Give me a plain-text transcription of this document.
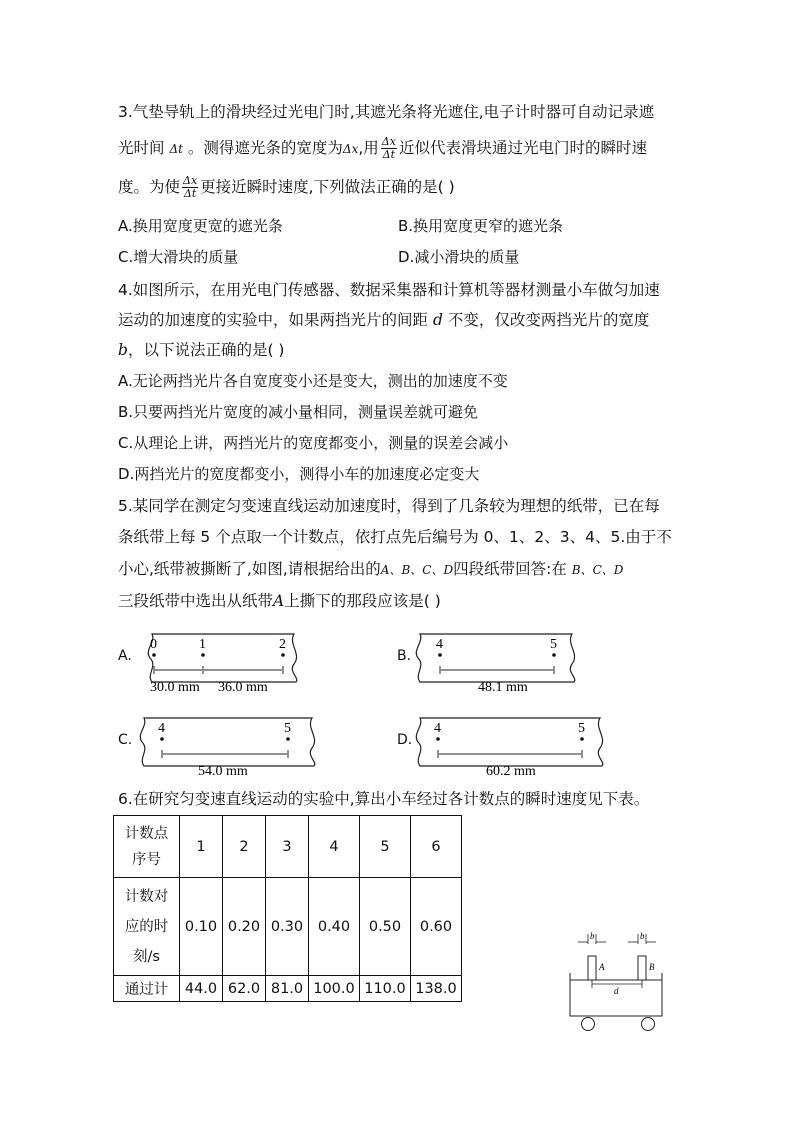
3.气垫导轨上的滑块经过光电门时,其遮光条将光遮住,电子计时器可自动记录遮
光时间 Δt 。测得遮光条的宽度为Δx,用 $\frac{\Delta x}{\Delta t}$ 近似代表滑块通过光电门时的瞬时速
度。为使 $\frac{\Delta x}{\Delta t}$ 更接近瞬时速度,下列做法正确的是( )
A.换用宽度更宽的遮光条	B.换用宽度更窄的遮光条
C.增大滑块的质量	D.减小滑块的质量
4.如图所示，在用光电门传感器、数据采集器和计算机等器材测量小车做匀加速
运动的加速度的实验中，如果两挡光片的间距 d 不变，仅改变两挡光片的宽度
b，以下说法正确的是( )
A.无论两挡光片各自宽度变小还是变大，测出的加速度不变
B.只要两挡光片宽度的减小量相同，测量误差就可避免
C.从理论上讲，两挡光片的宽度都变小，测量的误差会减小
D.两挡光片的宽度都变小，测得小车的加速度必定变大
5.某同学在测定匀变速直线运动加速度时，得到了几条较为理想的纸带，已在每
条纸带上每 5 个点取一个计数点，依打点先后编号为 0、1、2、3、4、5.由于不
小心,纸带被撕断了,如图,请根据给出的A、B、C、D四段纸带回答:在 B、C、D
三段纸带中选出从纸带A上撕下的那段应该是( )
A.
0	1	2
30.0 mm 36.0 mm
B.
4	5
48.1 mm
C.
4	5
54.0 mm
D.
4	5
60.2 mm
6.在研究匀变速直线运动的实验中,算出小车经过各计数点的瞬时速度见下表。
计数点
序号	1	2	3	4	5	6
计数对
应的时
刻/s	0.10	0.20	0.30	0.40	0.50	0.60
通过计	44.0	62.0	81.0	100.0	110.0	138.0
b	b
A	B
d
